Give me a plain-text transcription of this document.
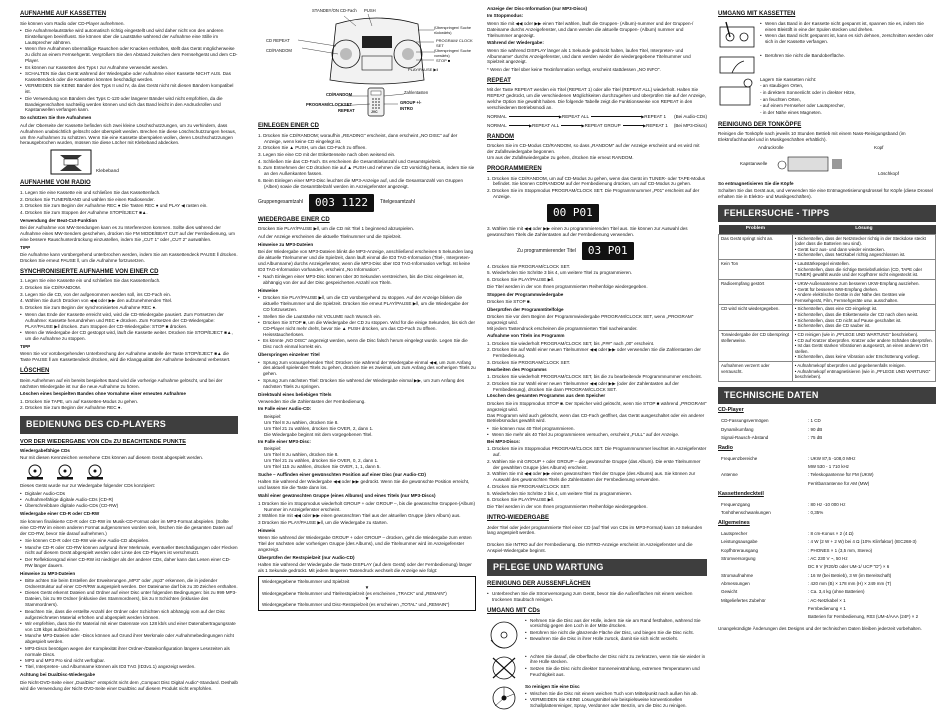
AUFNAHME AUF KASSETTEN

Sie können vom Radio oder CD-Player aufnehmen.

• Die Aufnahmelautstärke wird automatisch richtig eingestellt und wird daher nicht von den anderen Einstellungen beeinflusst. Sie können über die Lautstärke während der Aufnahme eine Stille im Lautsprecher abhören.
• Wenn Ihre Aufnahmen übermäßige Rauschen oder Knacken enthalten, stellt das Gerät möglicherweise zu dicht an einem Fernsehgerät. Vergrößern Sie den Abstand zwischen dem Fernsehgerät und dem CD-Player.
• Es können nur Kassetten des Typs I zur Aufnahme verwendet werden.
• SCHALTEN Sie das Gerät während der Wiedergabe oder Aufnahme einer Kassette NICHT AUS. Das Kassettendeck oder die Kassetten könnten beschädigt werden.
• VERMEIDEN Sie KEINE Bänder des Typs II und IV, da das Gerät nicht mit diesen Bändern kompatibel ist.
• Die Verwendung von Bändern des Typs C-120 oder längerer Bänder wird nicht empfohlen, da die Bandeigenschaften nachteilig werden können und sich das Band leicht in den Andruckrollen und Kapstanwellen verfangen kann.

So schützen Sie Ihre Aufnahmen

Auf der Oberseite der Kassette befinden sich zwei kleine Löschschutzzungen, um zu verhindern, dass Aufnahmen unabsichtlich gelöscht oder überspielt werden. Brechen Sie diese Löschschutzzungen heraus, um Ihre Aufnahmen zu schützen. Wenn Sie eine Kassette überspielen wollen, deren Löschschutzzungen herausgebrochen wurden, müssen Sie diese Löcher mit Klebeband abdecken.

Klebeband
AUFNAHME VOM RADIO

1. Legen Sie eine Kassette ein und schließen Sie das Kassettenfach.

2. Drücken Sie TUNER/BAND und wählen Sie einen Radiosender.

3. Drücken Sie zum Beginn der Aufnahme REC ● Die Tasten REC ● und PLAY ◀ rasten ein.

4. Drücken Sie zum Stoppen der Aufnahme STOP/EJECT ■▲.

Verwendung der Beat-Cut-Funktion

Bei der Aufnahme von MW-Sendungen kann es zu Interferenzen kommen. Sollte dies während der Aufnahme eines MW-Senders geschehen, drücken Sie FM MODE/BEAT CUT auf der Fernbedienung, um eine bessere Rauschunterdrückung einzustellen, indem Sie „CUT 1" oder „CUT 2" auswählen.

TIPP

Die Aufnahme kann vorübergehend unterbrochen werden, indem Sie am Kassettendeck PAUSE ‖ drücken. Drücken Sie erneut PAUSE ‖, um die Aufnahme fortzusetzen.

SYNCHRONISIERTE AUFNAHME VON EINER CD

1. Legen Sie eine Kassette ein und schließen Sie das Kassettenfach.

2. Drücken Sie CD/RANDOM.

3. Legen Sie die CD, von der aufgenommen werden soll, ins CD-Fach ein.

4. Wählen Sie durch Drücken von ◀◀ oder ▶▶ den aufzunehmenden Titel.

5. Drücken Sie zum Beginn der synchronisierten Aufnahme REC ●.

• Wenn das Ende der Kassette erreicht wird, wird die CD-Wiedergabe pausiert. Zum Fortsetzen der Aufnahme: Kassette herumdrehen und REC ● drücken. Zum Fortsetzen der CD-Wiedergabe: PLAY/PAUSE ▶‖ drücken. Zum Stoppen der CD-Wiedergabe: STOP ■ drücken.
• Wenn die Wiedergabe der CD gestoppt wird, läuft die Kassette weiter. Drücken Sie STOP/EJECT ■▲, um die Aufnahme zu stoppen.

TIPP

Wenn Sie vor vorübergehenden Unterbrechung der Aufnahme anstelle der Taste STOP/EJECT ■▲ die Taste PAUSE ‖ am Kassettendeck drücken, wird die Klangqualität der Aufnahme bedeutend verbessert.

LÖSCHEN

Beim Aufnehmen auf ein bereits bespieltes Band wird die vorherige Aufnahme gelöscht, und bei der nächsten Wiedergabe ist nur die neue Aufnahme zu hören.

Löschen eines bespielten Bandes ohne Vornahme einer erneuten Aufnahme

1. Drücken Sie TAPE, um auf Kassetten-Modus zu gehen.

2. Drücken Sie zum Beginn der Aufnahme REC ●.

BEDIENUNG DES CD-PLAYERS
VOR DER WIEDERGABE VON CDs ZU BEACHTENDE PUNKTE

Wiedergabefähige CDs

Nur mit diesen Kennzeichen versehene CDs können auf diesem Gerät abgespielt werden.

Dieses Gerät wurde nur zur Wiedergabe folgender CDs konzipiert:

• Digitaler Audio-CDs
• Aufnahmefähige digitale Audio-CDs (CD-R)
• Überschreibbare digitale Audio-CDs (CD-RW)

Wiedergabe einer CD-R oder CD-RW

Sie können finalisierte CD-R oder CD-RW im Musik-CD-Format oder im MP3-Format abspielen. (Sollte eine CD-RW im einem anderen Format aufgenommen worden sein, löschen Sie die gesamten Daten auf der CD-RW, bevor Sie darauf aufnehmen.)

• Sie können CD-R oder CD-RW wie eine Audio-CD abspielen.
• Manche CD-R oder CD-RW können aufgrund ihrer Merkmale, eventueller Beschädigungen oder Flecken nicht auf diesem Gerät abgespielt werden oder Linse des CD-Players ist verschmutzt.
• Der Reflektionsgrad einer CD-RW ist niedriger als der anderer CDs, daher kann das Lesen einer CD-RW länger dauern.

Hinweise zu MP3-Dateien

• Bitte achten Sie beim Erstellen der Erweiterungen „MP3" oder „mp3" erkennen, die in jedender Ordnerstruktur auf einer CD-R/RW ausgespielt werden. Der Dateiname darf bis zu 30 Zeichen enthalten.
• Dieses Gerät erkennt Dateien und Ordner auf einer Disc unter folgenden Bedingungen: bis zu 999 MP3-Dateien, bis zu 99 Ordner (inklusive des Stammordners), bis zu 8 Schichten (inklusive des Stammordners).
• Beachten Sie, dass die erstellte Anzahl der Ordner oder Schichten sich abhängig vom auf der Disc aufgezeichneten Material erhöhen und abgespielt werden können.
• Wir empfehlen, dass Sie Ihr Material mit einer Datenrate von 128 kb/s und einer Datenübertragungsrate von 128 kbps aufzeichnen.
• Manche MP3-Dateien oder -Discs können auf Grund ihrer Merkmale oder Aufnahmebedingungen nicht abgespielt werden.
• MP3-Discs benötigen wegen der Komplexität ihrer Ordner-/Dateikonfiguration längere Lesezeiten als normale Discs.
• MP3 und MP3 Pro sind nicht verfügbar.
• Titel, Interpreten- und Albumname können als ID3 TAG (ID3v1.1) angezeigt werden.

Achtung bei DualDisc-Wiedergabe

Die Nicht-DVD-Seite einer „DualDisc" entspricht nicht dem „Compact Disc Digital Audio"-Standard. Deshalb wird die Verwendung der Nicht-DVD-Seite einer DualDisc auf diesem Produkt nicht empfohlen.

STANDBY/ON CD-Fach PUSH
(Überspringen/ Suche rückwärts)
PROGRAM/ CLOCK SET
(Überspringen/ Suche vorwärts)
STOP ■
PLAY/PAUSE ▶‖
CD REPEAT
CD/RANDOM
CD/RANDOM	Zahlentasten
PROGRAM/CLOCKSET
REPEAT
GROUP +/-
INTRO
JVC
EINLEGEN EINER CD

1. Drücken Sie CD/RANDOM; woraufhin „READING" erscheint, dann erscheint „NO DISC" auf der Anzeige, wenn keine CD eingelegt ist.

2. Drücken Sie ▲ PUSH, um das CD-Fach zu öffnen.

3. Legen Sie eine CD mit der Etikettenseite nach oben weisend ein.

4. Schließen Sie das CD-Fach. Es erscheinen die Gesamttitelanzahl und Gesamtspielzeit.

5. Zum Entnehmen der CD drücken Sie auf ▲ PUSH und nehmen die CD vorsichtig heraus, indem Sie sie an den Außenkanten fassen.

6. Beim Einlegen einer MP3-Disc leuchtet die MP3-Anzeige auf, und die Gesamtanzahl von Gruppen (Alben) sowie die Gesamttitelzahl werden im Anzeigefenster angezeigt.

Gruppengesamtzahl	003 1122	Titelgesamtzahl
WIEDERGABE EINER CD

Drücken Sie PLAY/PAUSE ▶‖, um die CD mit Titel 1 beginnend abzuspielen.

Auf der Anzeige erscheinen die aktuelle Titelnummer und die Spielzeit.

Hinweise zu MP3-Dateien

Bei der Wiedergabe von MP3-Dateien blinkt die MP3-Anzeige, anschließend erscheinen 5 Sekunden lang die aktuelle Titelnummer und die Spielzeit, dann läuft einmal die ID3 TAG-Information (Titel-, Interpreten- und Albumname) durchs Anzeigefenster, wenn die MP3-Disc über ID3 TAG-Information verfügt. Ist keine ID3 TAG-Information vorhanden, erscheint „No Information".

• Nach Einlegen einer MP3-Disc können über 30 Sekunden verstreichen, bis die Disc eingelesen ist, abhängig von der auf der Disc gespeicherten Anzahl von Titeln.

Hinweise

• Drücken Sie PLAY/PAUSE ▶‖, um die CD vorübergehend zu stoppen. Auf der Anzeige blinken die aktuelle Titelnummer und die Spielzeit. Drücken Sie erneut PLAY/PAUSE ▶‖, um die Wiedergabe der CD fortzusetzen.
• Stellen Sie die Lautstärke mit VOLUME nach Wunsch ein.
• Drücken Sie STOP ■, um die Wiedergabe der CD zu stoppen. Wird für die einige Sekunden, bis sich der CD-Player nicht mehr dreht, bevor Sie ▲ PUSH drücken, um das CD-Fach zu öffnen. Heissstaucherlosen.
• Es könnte „NO DISC" angezeigt werden, wenn die Disc falsch herum eingelegt wurde. Legen Sie die Disc noch einmal korrekt ein.

Überspringen einzelner Titel

• Sprung zum vorausgehenden Titel: Drücken Sie während der Wiedergabe einmal ◀◀, um zum Anfang des aktuell spielenden Titels zu gehen, drücken Sie es zweimal, um zum Anfang des vorherigen Titels zu gehen.
• Sprung zum nächsten Titel: Drücken Sie während der Wiedergabe einmal ▶▶, um zum Anfang des nächsten Titels zu springen.

Direktwahl eines beliebigen Titels

Verwenden Sie die Zahlentasten der Fernbedienung.

Im Falle einer Audio-CD:

Beispiel:
Um Titel 8 zu wählen, drücken Sie 8.
Um Titel 21 zu wählen, drücken Sie OVER, 2, dann 1.
Die Wiedergabe beginnt mit dem vorgegebenen Titel.

Im Falle einer MP3-Disc:

Beispiel:
Um Titel 8 zu wählen, drücken Sie 8.
Um Titel 21 zu wählen, drücken Sie OVER, 0, 2, dann 1.
Um Titel 115 zu wählen, drücken Sie OVER, 1, 1, dann 5.

Suche – Auffinden einer gewünschten Position auf einer Disc (nur Audio-CD)

Halten Sie während der Wiedergabe ◀◀ oder ▶▶ gedrückt. Wenn Sie die gewünschte Position erreicht, und lassen Sie die Taste dann los.

Wahl einer gewünschten Gruppe (eines Albums) und eines Titels (nur MP3-Discs)

1 Drücken Sie im Stoppmodus wiederholt GROUP + oder GROUP –, bis die gewünschte Gruppen-(Album) Nummer im Anzeigefenster erscheint.

2 Wählen Sie mit ◀◀ oder ▶▶ einen gewünschten Titel aus der aktuellen Gruppe (dem Album) aus.

3 Drücken Sie PLAY/PAUSE ▶‖, um die Wiedergabe zu starten.

Hinweis

Wenn Sie während der Wiedergabe GROUP + oder GROUP – drücken, geht die Wiedergabe zum ersten Titel der nächsten oder vorherigen Gruppe (des Albums), und die Titelnummer wird im Anzeigefenster angezeigt.

Überprüfen der Restspielzeit (nur Audio-CD)

Halten Sie während der Wiedergabe die Taste DISPLAY (auf dem Gerät) oder der Fernbedienung) länger als 1 Sekunde gedrückt. Mit jedem längeren Tastendruck wechselt die Anzeige wie folgt:

Wiedergegebene Titelnummer und Spielzeit
▼
Wiedergegebene Titelnummer und Titelrestspielzeit (es erscheinen „TRACK" und „REMAIN")
▼
Wiedergegebene Titelnummer und Disc-Restspielzeit (es erscheinen „TOTAL" und „REMAIN")

Anzeige der Disc-Information (nur MP3-Discs)

Im Stoppmodus:

Wenn Sie mit ◀◀ oder ▶▶ einen Titel wählen, läuft die Gruppen- (Album)-nummer und der Gruppen-/ Dateiname durchs Anzeigefenster, und dann werden die aktuelle Gruppen- (Album) nummer und Titelnummer angezeigt.

Während der Wiedergabe:

Wenn Sie während DISPLAY länger als 1 Sekunde gedrückt halten, laufen Titel, Interpreten- und Albumname" durchs Anzeigefenster, und dann werden wieder die wiedergegebene Titelnummer und Spielzeit angezeigt.

* Wenn der Titel über keine Textinformation verfügt, erscheint stattdessen „NO INFO".

REPEAT

Mit der Taste REPEAT werden ein Titel (REPEAT 1) oder alle Titel (REPEAT ALL) wiederholt. Halten Sie REPEAT gedrückt, um die verschiedenen Möglichkeiten durchzugehen und überprüfen Sie auf der Anzeige, welche Option Sie gewählt haben. Die folgende Tabelle zeigt die Funktionsweise von REPEAT in den verschiedenen Betriebsmodi an.

NORMAL ▶	REPEAT ALL ▶	REPEAT 1 (Bei Audio-CDs)
NORMAL ▶	REPEAT ALL ▶	REPEAT GROUP ▶	REPEAT 1 (Bei MP3-Discs)
RANDOM

Drücken Sie im CD-Modus CD/RANDOM, so dass „RANDOM" auf der Anzeige erscheint und es wird mit der Zufallswiedergabe begonnen.
Um aus der Zufallswiedergabe zu gehen, drücken Sie erneut RANDOM.

PROGRAMMIEREN

1. Drücken Sie CD/RANDOM, um auf CD-Modus zu gehen, wenn das Gerät im TUNER- oder TAPE-Modus befindet. Sie können CD/RANDOM auf der Fernbedienung drücken, um auf CD-Modus zu gehen.

2. Drücken Sie im Stoppmodus PROGRAM/CLOCK SET. Die Programmnummer „P01" erscheint auf der Anzeige.

00 P01

3. Wählen Sie mit ◀◀ oder ▶▶ einen zu programmierenden Titel aus. Sie können zur Auswahl des gewünschten Titels die Zahlentasten auf der Fernbedienung verwenden.

Zu programmierender Titel	03 P01

4. Drücken Sie PROGRAM/CLOCK SET.

5. Wiederholen Sie Schritte 3 bis 4, um weitere Titel zu programmieren.

6. Drücken Sie PLAY/PAUSE ▶‖.

Die Titel werden in der von Ihnen programmierten Reihenfolge wiedergegeben.

Stoppen der Programmwiedergabe

Drücken Sie STOP ■.

Überprüfen der Programmtitelfolge

Drücken Sie vor dem Beginn der Programmwiedergabe PROGRAM/CLOCK SET, wenn „PROGRAM" angezeigt wird.
Mit jedem Tastendruck erscheinen die programmierten Titel nacheinander.

Aufnahme von Titeln ins Programm

1. Drücken Sie wiederholt PROGRAM/CLOCK SET, bis „P##" nach „00" erscheint.

2. Drücken Sie auf Wahl einer neuen Titelnummer ◀◀ oder ▶▶ oder verwenden Sie die Zahlentasten der Fernbedienung.

3. Drücken Sie PROGRAM/CLOCK SET.

Bearbeiten des Programms

1. Drücken Sie wiederholt PROGRAM/CLOCK SET, bis die zu bearbeitende Programmnummer erscheint.

2. Drücken Sie zur Wahl einer neuen Titelnummer ◀◀ oder ▶▶ (oder der Zahlentasten auf der Fernbedienung), drücken Sie dann PROGRAM/CLOCK SET.

Löschen des gesamten Programms aus dem Speicher

Drücken Sie im Stoppmodus STOP ■. Der Speicher wird gelöscht, wenn Sie STOP ■ während „PROGRAM" angezeigt wird.
Das Programm wird auch gelöscht, wenn das CD-Fach geöffnet, das Gerät ausgeschaltet oder ein anderer Betriebsmodus gewählt wird.

• Sie können max 40 Titel programmieren.
• Wenn Sie mehr als 40 Titel zu programmieren versuchen, erscheint „FULL" auf der Anzeige.

Bei MP3-Discs:

1. Drücken Sie im Stoppmodus PROGRAM/CLOCK SET. Die Programmnummer leuchtet im Anzeigefenster auf.

2. Wählen Sie mit GROUP + oder GROUP – die gewünschte Gruppe (das Album). Die erste Titelnummer der gewählten Gruppe (des Albums) erscheint.

3. Wählen Sie mit ◀◀ oder ▶▶ einen gewünschten Titel der Gruppe (des Albums) aus. Sie können zur Auswahl des gewünschten Titels die Zahlentasten der Fernbedienung verwenden.

4. Drücken Sie PROGRAM/CLOCK SET.

5. Wiederholen Sie Schritte 2 bis 4, um weitere Titel zu programmieren.

6. Drücken Sie PLAY/PAUSE ▶‖.

Die Titel werden in der von Ihnen programmierten Reihenfolge wiedergegeben.

INTRO-WIEDERGABE

Jeder Titel oder jeder programmierte Titel einer CD (auf Titel von CDs im MP3-Format) kann 10 Sekunden lang angespielt werden.

Drücken Sie INTRO auf der Fernbedienung. Die INTRO-Anzeige erscheint im Anzeigefenster und die Anspiel-Wiedergabe beginnt.

PFLEGE UND WARTUNG
REINIGUNG DER AUSSENFLÄCHEN
• Unterbrechen Sie die Stromversorgung zum Gerät, bevor Sie die Außenflächen mit einem weichen trockenen Staubtuch reinigen.
UMGANG MIT CDs
• Nehmen Sie die Disc aus der Hülle, indem Sie sie am Rand festhalten, während Sie vorsichtig gegen den Loch in der Mitte drücken.
• Berühren Sie nicht die glänzende Fläche der Disc, und biegen Sie die Disc nicht.
• Bewahren Sie die Disc in ihrer Hülle zurück, damit sie sich nicht verzieht.
• Achten Sie darauf, die Oberfläche der Disc nicht zu zerkratzen, wenn Sie sie wieder in ihre Hülle stecken.
• Setzen Sie die Disc nicht direkter Sonneneinstrahlung, extremen Temperaturen und Feuchtigkeit aus.

So reinigen Sie eine Disc

• Wischen Sie die Disc mit einem weichen Tuch vom Mittelpunkt nach außen hin ab.
• VERMEIDEN Sie KEINE Lösungsmittel wie beispielsweise konventionellen Schallplattenreiniger, Spray, Verdünner oder Benzin, um die Disc zu reinigen.
UMGANG MIT KASSETTEN
• Wenn das Band in der Kassette nicht gespannt ist, spannen Sie es, indem Sie einen Bleistift in eine der Spulen stecken und drehen.
• Wenn das Band nicht gespannt ist, kann es sich dehnen, zerschnitten werden oder sich in der Kassette verfangen.
• Berühren Sie nicht die Bandoberfläche.

Lagern Sie Kassetten nicht:

- an staubigen Orten,

- in direktem Sonnenlicht oder in direkter Hitze,

- an feuchten Orten,

- auf einem Fernseher oder Lautsprecher,

- in der Nähe eines Magneten.

REINIGUNG DER TONKÖPFE

Reinigen die Tonköpfe nach jeweils 10 Stunden Betrieb mit einem Nass-Reinigungsband (im Elektrofachhandel und in Musikgeschäften erhältlich).

Andruckrolle	Kopf
Kapstanwelle
Löschkopf

So entmagnetisieren Sie die Köpfe

Schalten Sie das Gerät aus, und verwenden Sie eine Entmagnetisierungsdrossel für Köpfe (diese Drossel erhalten Sie in Elektro- und Musikgeschäften).

FEHLERSUCHE - TIPPS
Problem	Lösung
Das Gerät springt nicht an.	• Sicherstellen, dass der Netzstecker richtig in der Steckdose steckt (oder dass die Batterien neu sind).
• Gerät kurz aus- und dann wieder einstecken.
• Sicherstellen, dass Netzkabel richtig angeschlossen ist.
Kein Ton	• Lautstärkepegel einstellen.
• Sicherstellen, dass die richtige Betriebsfunktion (CD, TAPE oder TUNER) gewählt wurde und der Kopfhörer nicht eingesteckt ist.
Radioempfang gestört	• UKW-Außenantenne zum besseren UKW-Empfang ausziehen.
• Gerät für besseren MW-Empfang drehen.
• Andere elektrische Geräte in der Nähe des Gerätes wie Fernsehgerät, Film, Fernsehgeräte usw. ausschalten.
CD wird nicht wiedergegeben.	• Sicherstellen, dass eine CD eingelegt ist.
• Sicherstellen, dass die Etikettenseite der CD nach oben weist.
• Sicherstellen, dass CD nicht auf Pause geschaltet ist.
• Sicherstellen, dass die CD sauber ist.
Tonwiedergabe der CD überspringt stellenweise.	• CD reinigen (wie in „PFLEGE UND WARTUNG" beschrieben).
• CD auf Kratzer überprüfen. Kratzer oder andere Schäden überprüfen.
• Ist das Gerät starken Vibrationen ausgesetzt, an einen anderen Ort stellen.
• Sicherstellen, dass keine Vibration oder Erschütterung vorliegt.
Aufnahmen verzerrt oder verrauscht.	• Aufnahmekopf überprüfen und gegebenenfalls reinigen.
• Aufnahmekopf entmagnetisieren (wie in „PFLEGE UND WARTUNG" beschrieben).
TECHNISCHE DATEN

CD-Player

CD-Fassungsvermögen	: 1 CD
Dynamikumfang	: 90 dB
Signal-Rausch-Abstand	: 75 dB

Radio

Frequenzbereiche	: UKW 87,5 -108,0 MHz
	MW 530 - 1 710 kHz
Antenne	: Teleskopantenne für FM (UKW)
	Ferritbarrantenne für AM (MW)

Kassettendeckteil

Frequenzgang	: 80 Hz -10 000 Hz
Tonhöhenschwankungen	: 0,35%

Allgemeines

Lautsprecher	: 8 cm-Konus × 2 (4 Ω)
Leistungsausgabe	: 4 W (2 W + 2 W) bei 4 Ω (10% Klirrfaktor) (IEC268-3)
Kopfhörerausgang	: PHONES × 1 (3,5 mm, Stereo)
Stromversorgung	: AC 230 V ~, 50 Hz
	DC 9 V (R20/D oder UM-1/ UCP "D") × 6
Stromaufnahme	: 16 W (bei Betrieb), 3 W (im Bereitschaft)
Abmessungen	: 420 mm (B) × 178 mm (H) × 249 mm (T)
Gewicht	: Ca. 3,4 kg (ohne Batterien)
Mitgeliefertes Zubehör	: AC-Netzkabel × 1
	Fernbedienung × 1
	Batterien für Fernbedienung, R03 (UM-4/AAA (24F) × 2

Unangekündigte Änderungen des Designs und der technischen Daten bleiben jederzeit vorbehalten.
